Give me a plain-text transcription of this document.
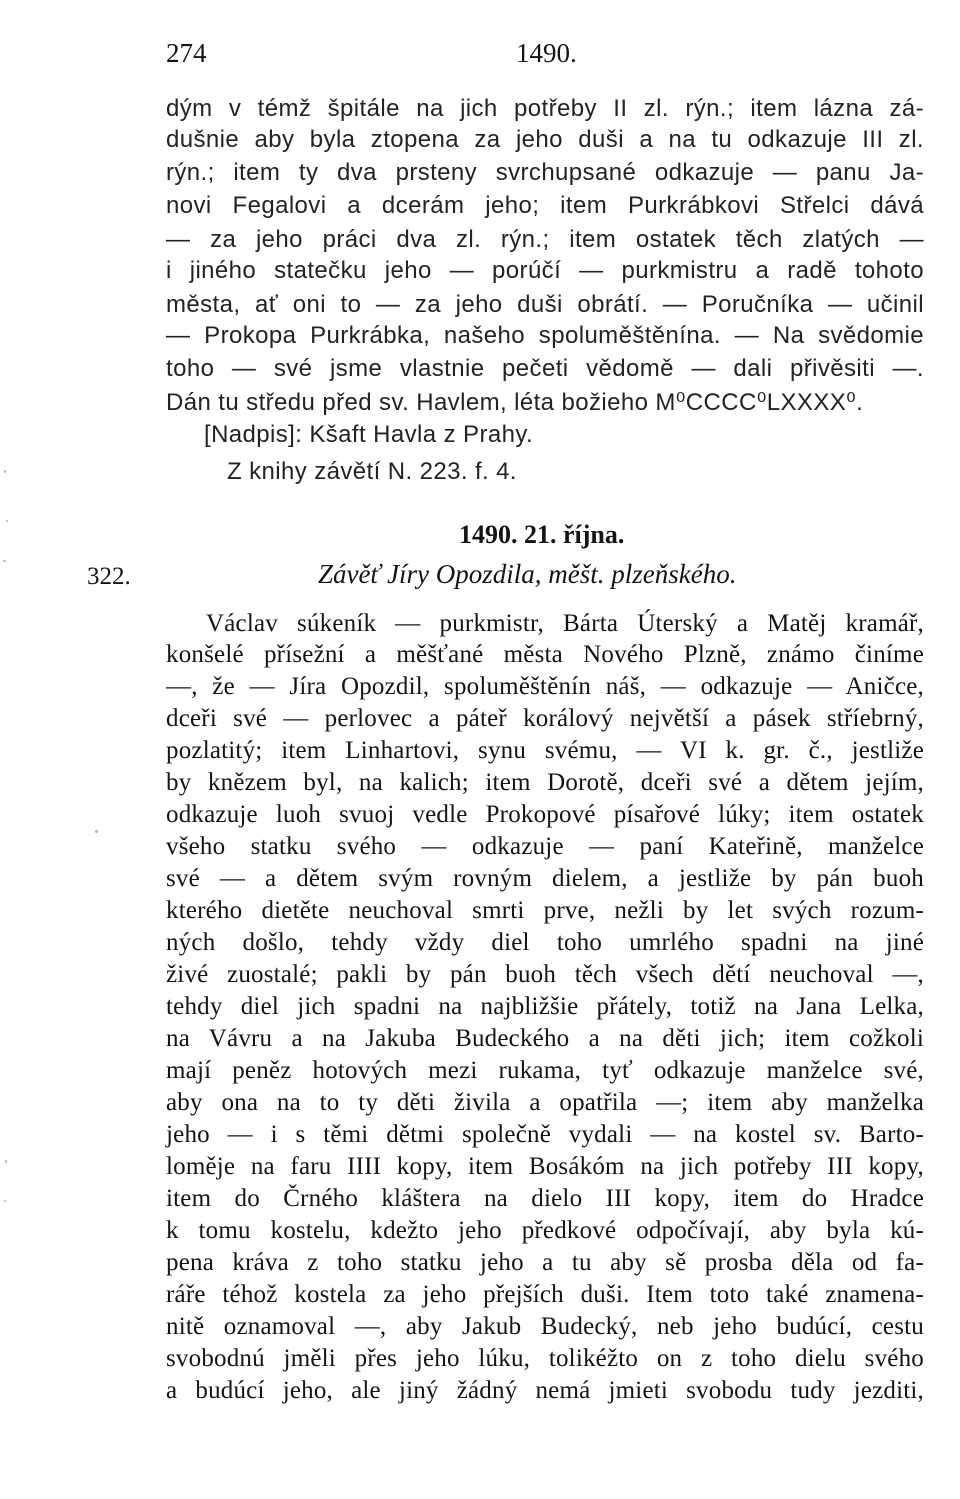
274	1490.
dým v témž špitále na jich potřeby II zl. rýn.; item lázna zá-
dušnie aby byla ztopena za jeho duši a na tu odkazuje III zl.
rýn.; item ty dva prsteny svrchupsané odkazuje — panu Ja-
novi Fegalovi a dcerám jeho; item Purkrábkovi Střelci dává
— za jeho práci dva zl. rýn.; item ostatek těch zlatých —
i jiného statečku jeho — porúčí — purkmistru a radě tohoto
města, ať oni to — za jeho duši obrátí. — Poručníka — učinil
— Prokopa Purkrábka, našeho spoluměštěnína. — Na svědomie
toho — své jsme vlastnie pečeti vědomě — dali přivěsiti —.
Dán tu středu před sv. Havlem, léta božieho M⁰CCCC⁰LXXXX⁰.
[Nadpis]: Kšaft Havla z Prahy.
Z knihy závětí N. 223. f. 4.
1490. 21. října.
322.	Závěť Jíry Opozdila, měšt. plzeňského.
Václav súkeník — purkmistr, Bárta Úterský a Matěj kramář,
konšelé přísežní a měšťané města Nového Plzně, známo činíme
—, že — Jíra Opozdil, spoluměštěnín náš, — odkazuje — Aničce,
dceři své — perlovec a páteř korálový největší a pásek stříebrný,
pozlatitý; item Linhartovi, synu svému, — VI k. gr. č., jestliže
by knězem byl, na kalich; item Dorotě, dceři své a dětem jejím,
odkazuje luoh svuoj vedle Prokopové písařové lúky; item ostatek
všeho statku svého — odkazuje — paní Kateřině, manželce
své — a dětem svým rovným dielem, a jestliže by pán buoh
kterého dietěte neuchoval smrti prve, nežli by let svých rozum-
ných došlo, tehdy vždy diel toho umrlého spadni na jiné
živé zuostalé; pakli by pán buoh těch všech dětí neuchoval —,
tehdy diel jich spadni na najbližšie přátely, totiž na Jana Lelka,
na Vávru a na Jakuba Budeckého a na děti jich; item cožkoli
mají peněz hotových mezi rukama, tyť odkazuje manželce své,
aby ona na to ty děti živila a opatřila —; item aby manželka
jeho — i s těmi dětmi společně vydali — na kostel sv. Barto-
loměje na faru IIII kopy, item Bosákóm na jich potřeby III kopy,
item do Črného kláštera na dielo III kopy, item do Hradce
k tomu kostelu, kdežto jeho předkové odpočívají, aby byla kú-
pena kráva z toho statku jeho a tu aby sě prosba děla od fa-
ráře téhož kostela za jeho přejších duši. Item toto také znamena-
nitě oznamoval —, aby Jakub Budecký, neb jeho budúcí, cestu
svobodnú jměli přes jeho lúku, tolikéžto on z toho dielu svého
a budúcí jeho, ale jiný žádný nemá jmieti svobodu tudy jezditi,
